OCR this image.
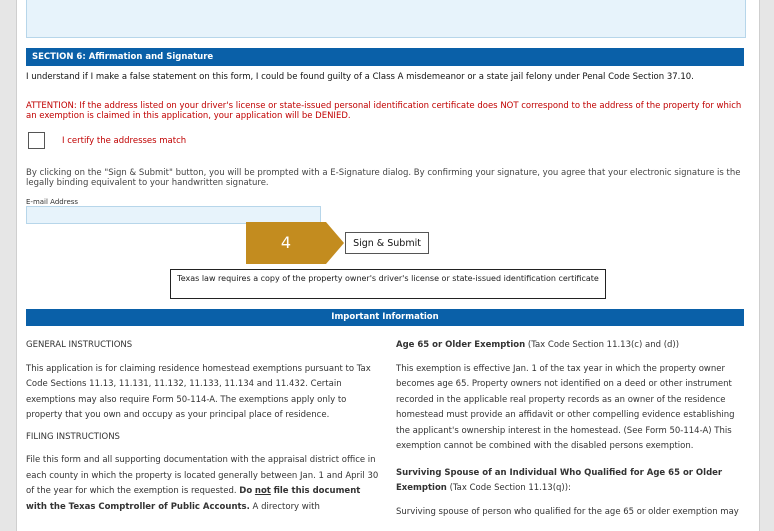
SECTION 6: Affirmation and Signature

I understand if I make a false statement on this form, I could be found guilty of a Class A misdemeanor or a state jail felony under Penal Code Section 37.10.

ATTENTION: If the address listed on your driver's license or state-issued personal identification certificate does NOT correspond to the address of the property for which an exemption is claimed in this application, your application will be DENIED.

I certify the addresses match

By clicking on the "Sign & Submit" button, you will be prompted with a E-Signature dialog. By confirming your signature, you agree that your electronic signature is the legally binding equivalent to your handwritten signature.

E-mail Address
4	Sign & Submit
Texas law requires a copy of the property owner's driver's license or state-issued identification certificate
Important Information

GENERAL INSTRUCTIONS

This application is for claiming residence homestead exemptions pursuant to Tax Code Sections 11.13, 11.131, 11.132, 11.133, 11.134 and 11.432. Certain exemptions may also require Form 50-114-A. The exemptions apply only to property that you own and occupy as your principal place of residence.

FILING INSTRUCTIONS

File this form and all supporting documentation with the appraisal district office in each county in which the property is located generally between Jan. 1 and April 30 of the year for which the exemption is requested. Do not file this document with the Texas Comptroller of Public Accounts. A directory with

Age 65 or Older Exemption (Tax Code Section 11.13(c) and (d))

This exemption is effective Jan. 1 of the tax year in which the property owner becomes age 65. Property owners not identified on a deed or other instrument recorded in the applicable real property records as an owner of the residence homestead must provide an affidavit or other compelling evidence establishing the applicant's ownership interest in the homestead. (See Form 50-114-A) This exemption cannot be combined with the disabled persons exemption.

Surviving Spouse of an Individual Who Qualified for Age 65 or Older Exemption (Tax Code Section 11.13(q)):

Surviving spouse of person who qualified for the age 65 or older exemption may
